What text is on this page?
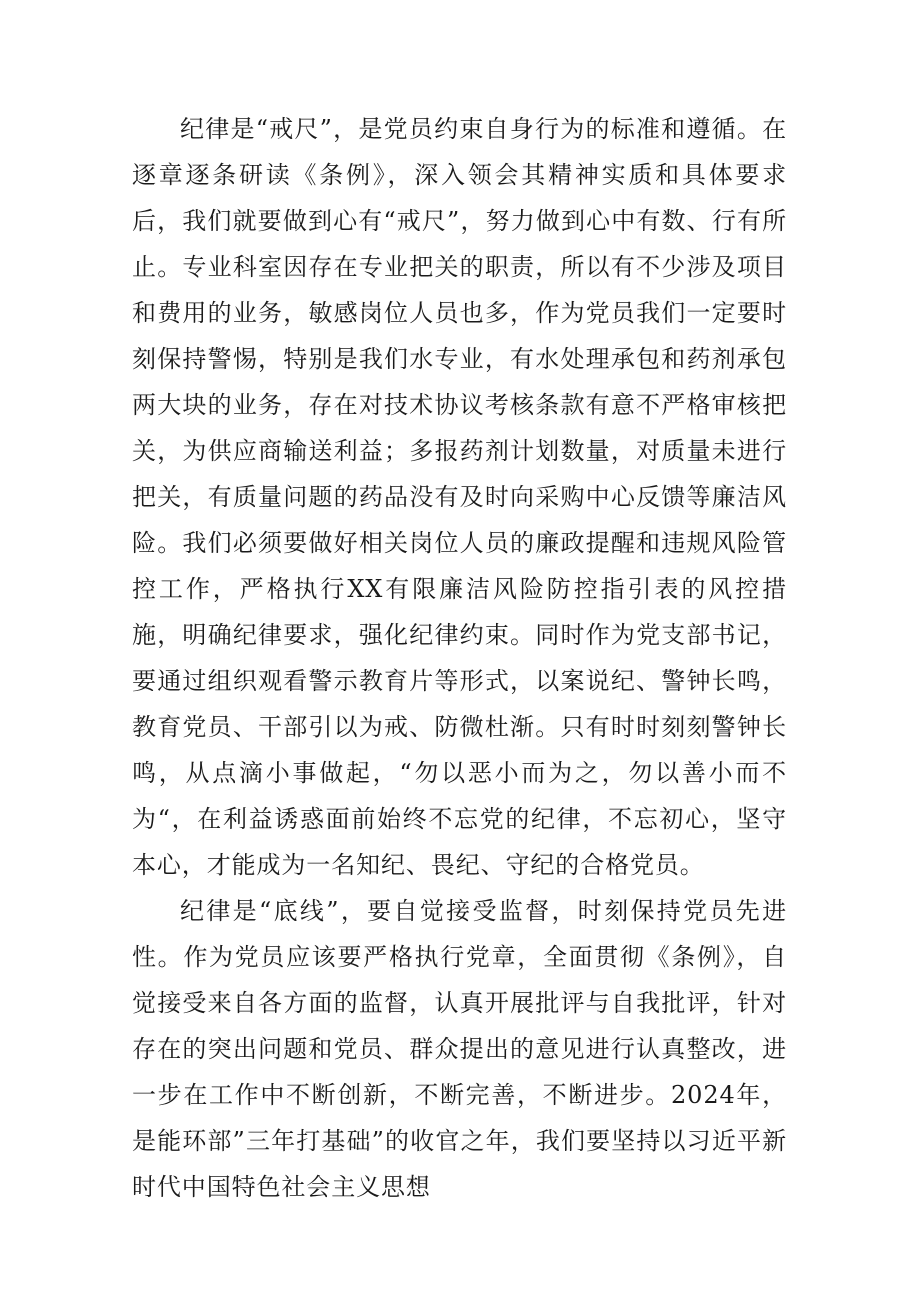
纪律是“戒尺”，是党员约束自身行为的标准和遵循。在逐章逐条研读《条例》，深入领会其精神实质和具体要求后，我们就要做到心有“戒尺”，努力做到心中有数、行有所止。专业科室因存在专业把关的职责，所以有不少涉及项目和费用的业务，敏感岗位人员也多，作为党员我们一定要时刻保持警惕，特别是我们水专业，有水处理承包和药剂承包两大块的业务，存在对技术协议考核条款有意不严格审核把关，为供应商输送利益；多报药剂计划数量，对质量未进行把关，有质量问题的药品没有及时向采购中心反馈等廉洁风险。我们必须要做好相关岗位人员的廉政提醒和违规风险管控工作，严格执行XX有限廉洁风险防控指引表的风控措施，明确纪律要求，强化纪律约束。同时作为党支部书记，要通过组织观看警示教育片等形式，以案说纪、警钟长鸣，教育党员、干部引以为戒、防微杜渐。只有时时刻刻警钟长鸣，从点滴小事做起，“勿以恶小而为之，勿以善小而不为“，在利益诱惑面前始终不忘党的纪律，不忘初心，坚守本心，才能成为一名知纪、畏纪、守纪的合格党员。

纪律是“底线”，要自觉接受监督，时刻保持党员先进性。作为党员应该要严格执行党章，全面贯彻《条例》，自觉接受来自各方面的监督，认真开展批评与自我批评，针对存在的突出问题和党员、群众提出的意见进行认真整改，进一步在工作中不断创新，不断完善，不断进步。2024年，是能环部”三年打基础”的收官之年，我们要坚持以习近平新时代中国特色社会主义思想
